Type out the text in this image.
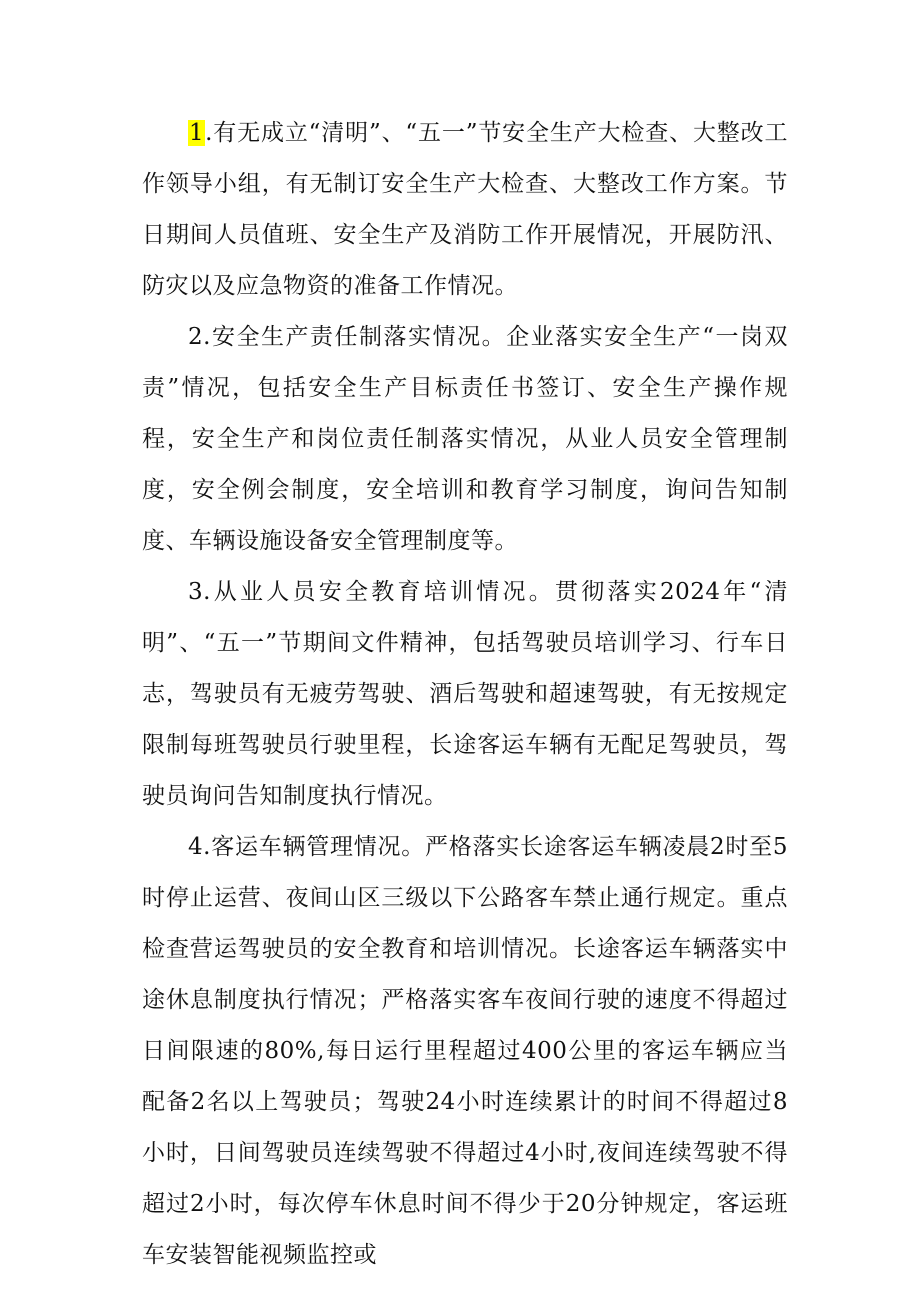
1.有无成立“清明”、“五一”节安全生产大检查、大整改工作领导小组，有无制订安全生产大检查、大整改工作方案。节日期间人员值班、安全生产及消防工作开展情况，开展防汛、防灾以及应急物资的准备工作情况。

2.安全生产责任制落实情况。企业落实安全生产“一岗双责”情况，包括安全生产目标责任书签订、安全生产操作规程，安全生产和岗位责任制落实情况，从业人员安全管理制度，安全例会制度，安全培训和教育学习制度，询问告知制度、车辆设施设备安全管理制度等。

3.从业人员安全教育培训情况。贯彻落实2024年“清明”、“五一”节期间文件精神，包括驾驶员培训学习、行车日志，驾驶员有无疲劳驾驶、酒后驾驶和超速驾驶，有无按规定限制每班驾驶员行驶里程，长途客运车辆有无配足驾驶员，驾驶员询问告知制度执行情况。

4.客运车辆管理情况。严格落实长途客运车辆凌晨2时至5时停止运营、夜间山区三级以下公路客车禁止通行规定。重点检查营运驾驶员的安全教育和培训情况。长途客运车辆落实中途休息制度执行情况；严格落实客车夜间行驶的速度不得超过日间限速的80%,每日运行里程超过400公里的客运车辆应当配备2名以上驾驶员；驾驶24小时连续累计的时间不得超过8小时，日间驾驶员连续驾驶不得超过4小时,夜间连续驾驶不得超过2小时，每次停车休息时间不得少于20分钟规定，客运班车安装智能视频监控或
